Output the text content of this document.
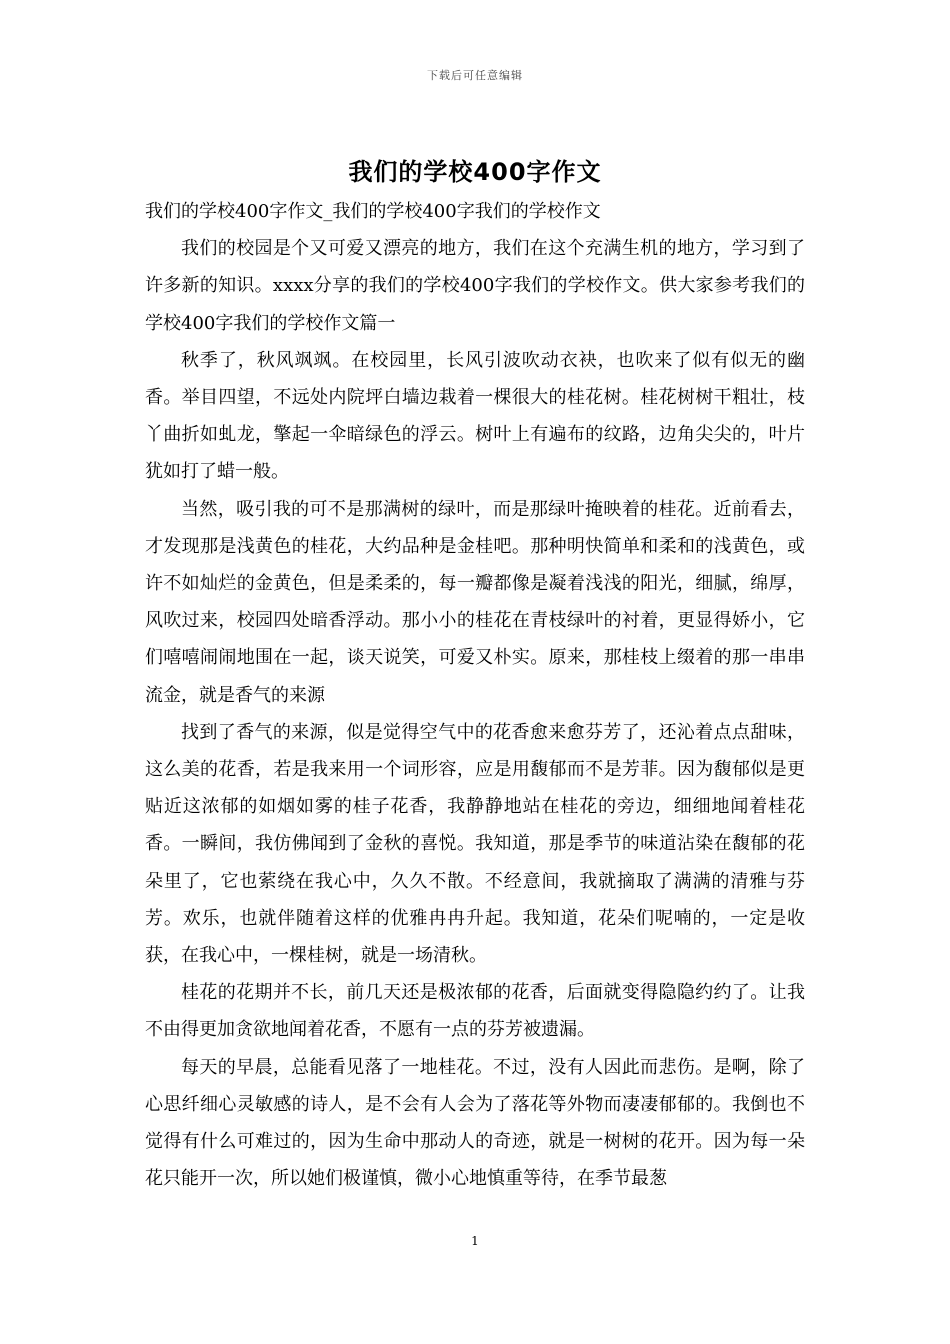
下载后可任意编辑
我们的学校400字作文

我们的学校400字作文_我们的学校400字我们的学校作文

我们的校园是个又可爱又漂亮的地方，我们在这个充满生机的地方，学习到了许多新的知识。xxxx分享的我们的学校400字我们的学校作文。供大家参考我们的学校400字我们的学校作文篇一

秋季了，秋风飒飒。在校园里，长风引波吹动衣袂，也吹来了似有似无的幽香。举目四望，不远处内院坪白墙边栽着一棵很大的桂花树。桂花树树干粗壮，枝丫曲折如虬龙，擎起一伞暗绿色的浮云。树叶上有遍布的纹路，边角尖尖的，叶片犹如打了蜡一般。

当然，吸引我的可不是那满树的绿叶，而是那绿叶掩映着的桂花。近前看去，才发现那是浅黄色的桂花，大约品种是金桂吧。那种明快简单和柔和的浅黄色，或许不如灿烂的金黄色，但是柔柔的，每一瓣都像是凝着浅浅的阳光，细腻，绵厚，风吹过来，校园四处暗香浮动。那小小的桂花在青枝绿叶的衬着，更显得娇小，它们嘻嘻闹闹地围在一起，谈天说笑，可爱又朴实。原来，那桂枝上缀着的那一串串流金，就是香气的来源

找到了香气的来源，似是觉得空气中的花香愈来愈芬芳了，还沁着点点甜味，这么美的花香，若是我来用一个词形容，应是用馥郁而不是芳菲。因为馥郁似是更贴近这浓郁的如烟如雾的桂子花香，我静静地站在桂花的旁边，细细地闻着桂花香。一瞬间，我仿佛闻到了金秋的喜悦。我知道，那是季节的味道沾染在馥郁的花朵里了，它也萦绕在我心中，久久不散。不经意间，我就摘取了满满的清雅与芬芳。欢乐，也就伴随着这样的优雅冉冉升起。我知道，花朵们呢喃的，一定是收获，在我心中，一棵桂树，就是一场清秋。

桂花的花期并不长，前几天还是极浓郁的花香，后面就变得隐隐约约了。让我不由得更加贪欲地闻着花香，不愿有一点的芬芳被遗漏。

每天的早晨，总能看见落了一地桂花。不过，没有人因此而悲伤。是啊，除了心思纤细心灵敏感的诗人，是不会有人会为了落花等外物而凄凄郁郁的。我倒也不觉得有什么可难过的，因为生命中那动人的奇迹，就是一树树的花开。因为每一朵花只能开一次，所以她们极谨慎，微小心地慎重等待，在季节最葱

1
